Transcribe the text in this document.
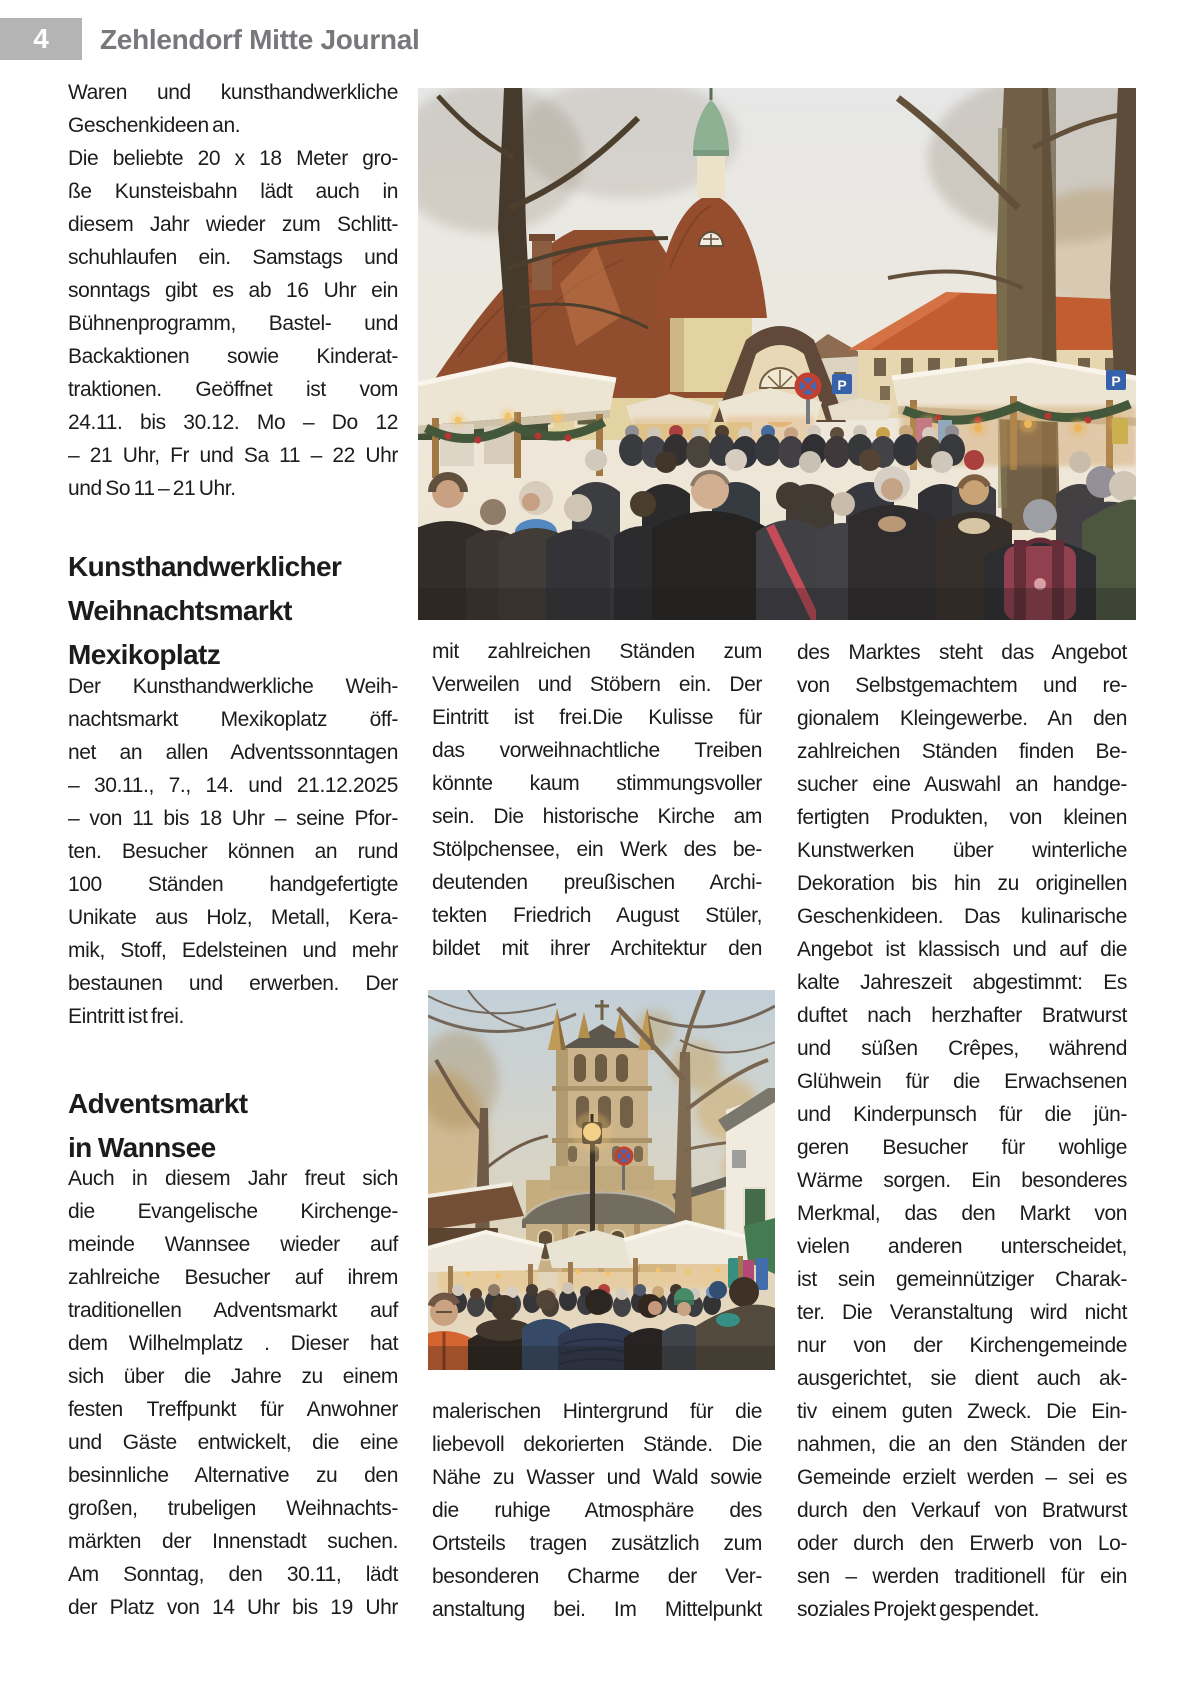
4 Zehlendorf Mitte Journal
P	P
Waren und kunsthandwerkliche
Geschenkideen an.
Die beliebte 20 x 18 Meter gro-
ße Kunsteisbahn lädt auch in
diesem Jahr wieder zum Schlitt-
schuhlaufen ein. Samstags und
sonntags gibt es ab 16 Uhr ein
Bühnenprogramm, Bastel- und
Backaktionen sowie Kinderat-
traktionen. Geöffnet ist vom
24.11. bis 30.12. Mo – Do 12
– 21 Uhr, Fr und Sa 11 – 22 Uhr
und So 11 – 21 Uhr.
Kunsthandwerklicher
Weihnachtsmarkt
Mexikoplatz
Der Kunsthandwerkliche Weih-
nachtsmarkt Mexikoplatz öff-
net an allen Adventssonntagen
– 30.11., 7., 14. und 21.12.2025
– von 11 bis 18 Uhr – seine Pfor-
ten. Besucher können an rund
100 Ständen handgefertigte
Unikate aus Holz, Metall, Kera-
mik, Stoff, Edelsteinen und mehr
bestaunen und erwerben. Der
Eintritt ist frei.
Adventsmarkt
in Wannsee
Auch in diesem Jahr freut sich
die Evangelische Kirchenge-
meinde Wannsee wieder auf
zahlreiche Besucher auf ihrem
traditionellen Adventsmarkt auf
dem Wilhelmplatz . Dieser hat
sich über die Jahre zu einem
festen Treffpunkt für Anwohner
und Gäste entwickelt, die eine
besinnliche Alternative zu den
großen, trubeligen Weihnachts-
märkten der Innenstadt suchen.
Am Sonntag, den 30.11, lädt
der Platz von 14 Uhr bis 19 Uhr
mit zahlreichen Ständen zum
Verweilen und Stöbern ein. Der
Eintritt ist frei.Die Kulisse für
das vorweihnachtliche Treiben
könnte kaum stimmungsvoller
sein. Die historische Kirche am
Stölpchensee, ein Werk des be-
deutenden preußischen Archi-
tekten Friedrich August Stüler,
bildet mit ihrer Architektur den
malerischen Hintergrund für die
liebevoll dekorierten Stände. Die
Nähe zu Wasser und Wald sowie
die ruhige Atmosphäre des
Ortsteils tragen zusätzlich zum
besonderen Charme der Ver-
anstaltung bei. Im Mittelpunkt
des Marktes steht das Angebot
von Selbstgemachtem und re-
gionalem Kleingewerbe. An den
zahlreichen Ständen finden Be-
sucher eine Auswahl an handge-
fertigten Produkten, von kleinen
Kunstwerken über winterliche
Dekoration bis hin zu originellen
Geschenkideen. Das kulinarische
Angebot ist klassisch und auf die
kalte Jahreszeit abgestimmt: Es
duftet nach herzhafter Bratwurst
und süßen Crêpes, während
Glühwein für die Erwachsenen
und Kinderpunsch für die jün-
geren Besucher für wohlige
Wärme sorgen. Ein besonderes
Merkmal, das den Markt von
vielen anderen unterscheidet,
ist sein gemeinnütziger Charak-
ter. Die Veranstaltung wird nicht
nur von der Kirchengemeinde
ausgerichtet, sie dient auch ak-
tiv einem guten Zweck. Die Ein-
nahmen, die an den Ständen der
Gemeinde erzielt werden – sei es
durch den Verkauf von Bratwurst
oder durch den Erwerb von Lo-
sen – werden traditionell für ein
soziales Projekt gespendet.
